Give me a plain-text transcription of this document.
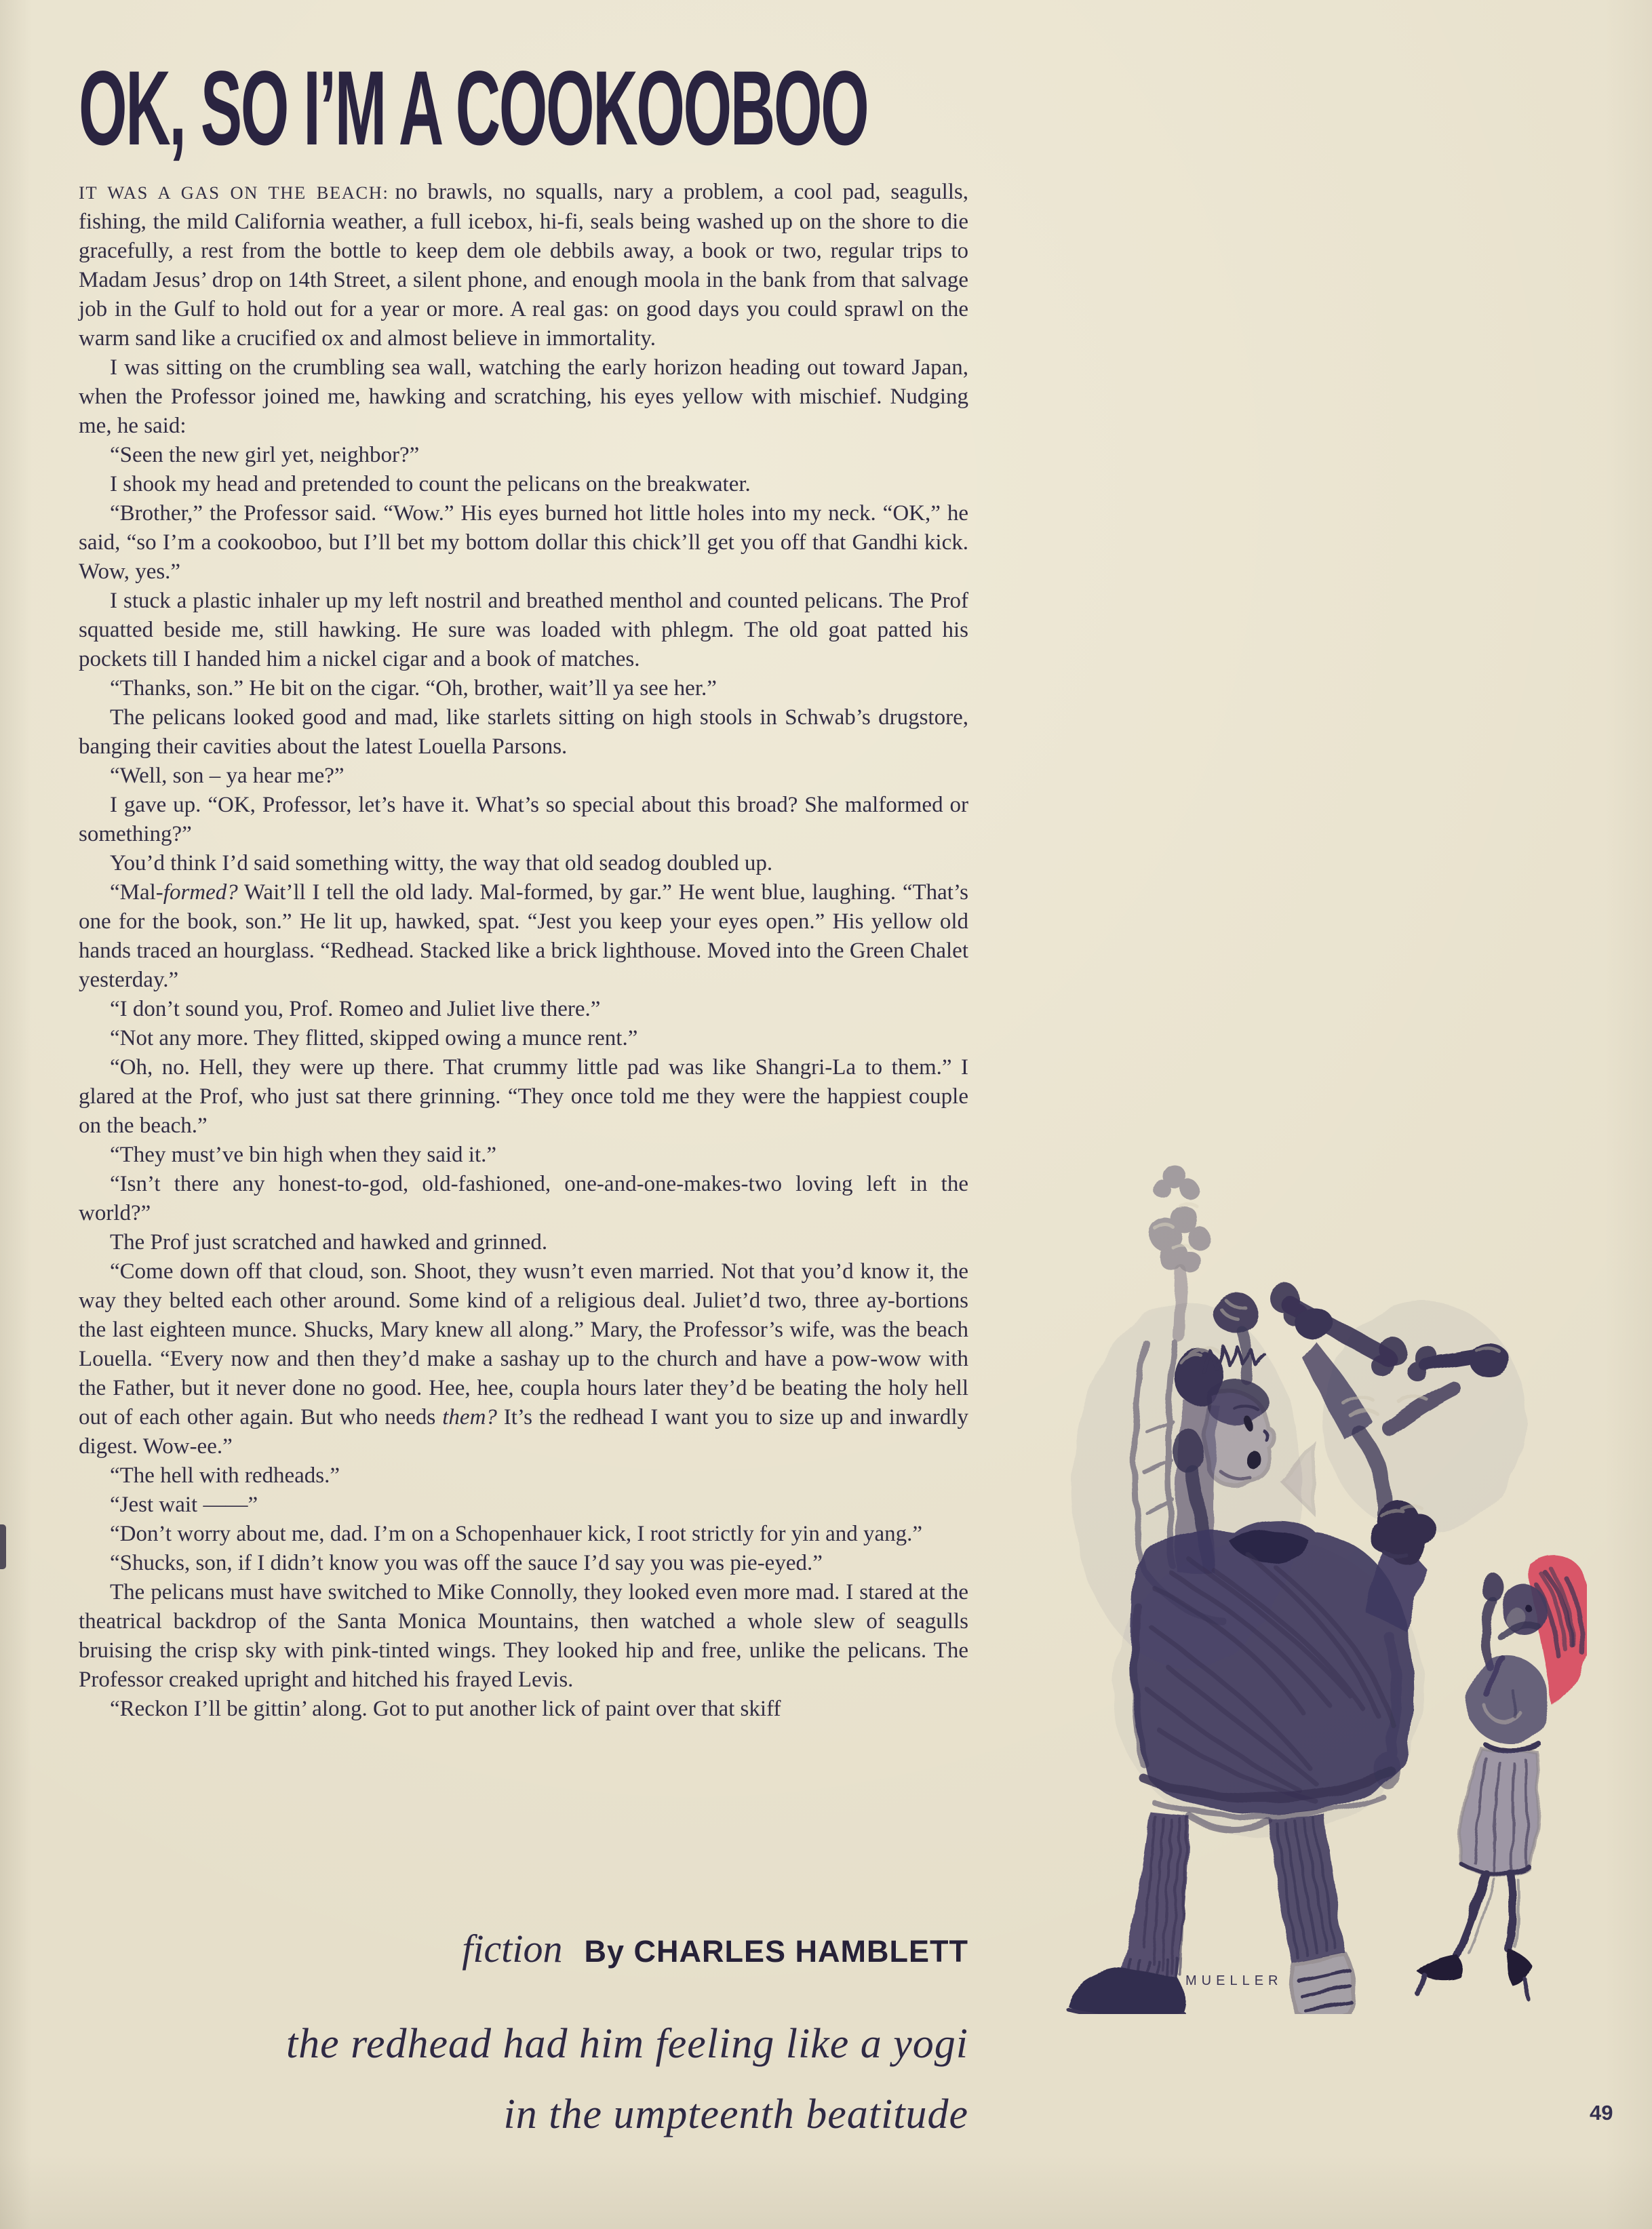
OK, SO I’M A COOKOOBOO

IT WAS A GAS ON THE BEACH: no brawls, no squalls, nary a problem, a cool pad, seagulls, fishing, the mild California weather, a full icebox, hi-fi, seals being washed up on the shore to die gracefully, a rest from the bottle to keep dem ole debbils away, a book or two, regular trips to Madam Jesus’ drop on 14th Street, a silent phone, and enough moola in the bank from that salvage job in the Gulf to hold out for a year or more. A real gas: on good days you could sprawl on the warm sand like a crucified ox and almost believe in immortality.

I was sitting on the crumbling sea wall, watching the early horizon heading out toward Japan, when the Professor joined me, hawking and scratching, his eyes yellow with mischief. Nudging me, he said:

“Seen the new girl yet, neighbor?”

I shook my head and pretended to count the pelicans on the breakwater.

“Brother,” the Professor said. “Wow.” His eyes burned hot little holes into my neck. “OK,” he said, “so I’m a cookooboo, but I’ll bet my bottom dollar this chick’ll get you off that Gandhi kick. Wow, yes.”

I stuck a plastic inhaler up my left nostril and breathed menthol and counted pelicans. The Prof squatted beside me, still hawking. He sure was loaded with phlegm. The old goat patted his pockets till I handed him a nickel cigar and a book of matches.

“Thanks, son.” He bit on the cigar. “Oh, brother, wait’ll ya see her.”

The pelicans looked good and mad, like starlets sitting on high stools in Schwab’s drugstore, banging their cavities about the latest Louella Parsons.

“Well, son – ya hear me?”

I gave up. “OK, Professor, let’s have it. What’s so special about this broad? She malformed or something?”

You’d think I’d said something witty, the way that old seadog doubled up.

“Mal-formed? Wait’ll I tell the old lady. Mal-formed, by gar.” He went blue, laughing. “That’s one for the book, son.” He lit up, hawked, spat. “Jest you keep your eyes open.” His yellow old hands traced an hourglass. “Redhead. Stacked like a brick lighthouse. Moved into the Green Chalet yesterday.”

“I don’t sound you, Prof. Romeo and Juliet live there.”

“Not any more. They flitted, skipped owing a munce rent.”

“Oh, no. Hell, they were up there. That crummy little pad was like Shangri-La to them.” I glared at the Prof, who just sat there grinning. “They once told me they were the happiest couple on the beach.”

“They must’ve bin high when they said it.”

“Isn’t there any honest-to-god, old-fashioned, one-and-one-makes-two loving left in the world?”

The Prof just scratched and hawked and grinned.

“Come down off that cloud, son. Shoot, they wusn’t even married. Not that you’d know it, the way they belted each other around. Some kind of a religious deal. Juliet’d two, three ay-bortions the last eighteen munce. Shucks, Mary knew all along.” Mary, the Professor’s wife, was the beach Louella. “Every now and then they’d make a sashay up to the church and have a pow-wow with the Father, but it never done no good. Hee, hee, coupla hours later they’d be beating the holy hell out of each other again. But who needs them? It’s the redhead I want you to size up and inwardly digest. Wow-ee.”

“The hell with redheads.”

“Jest wait ——”

“Don’t worry about me, dad. I’m on a Schopenhauer kick, I root strictly for yin and yang.”

“Shucks, son, if I didn’t know you was off the sauce I’d say you was pie-eyed.”

The pelicans must have switched to Mike Connolly, they looked even more mad. I stared at the theatrical backdrop of the Santa Monica Mountains, then watched a whole slew of seagulls bruising the crisp sky with pink-tinted wings. They looked hip and free, unlike the pelicans. The Professor creaked upright and hitched his frayed Levis.

“Reckon I’ll be gittin’ along. Got to put another lick of paint over that skiff

MUELLER
fiction By CHARLES HAMBLETT
the redhead had him feeling like a yogi
in the umpteenth beatitude	49
